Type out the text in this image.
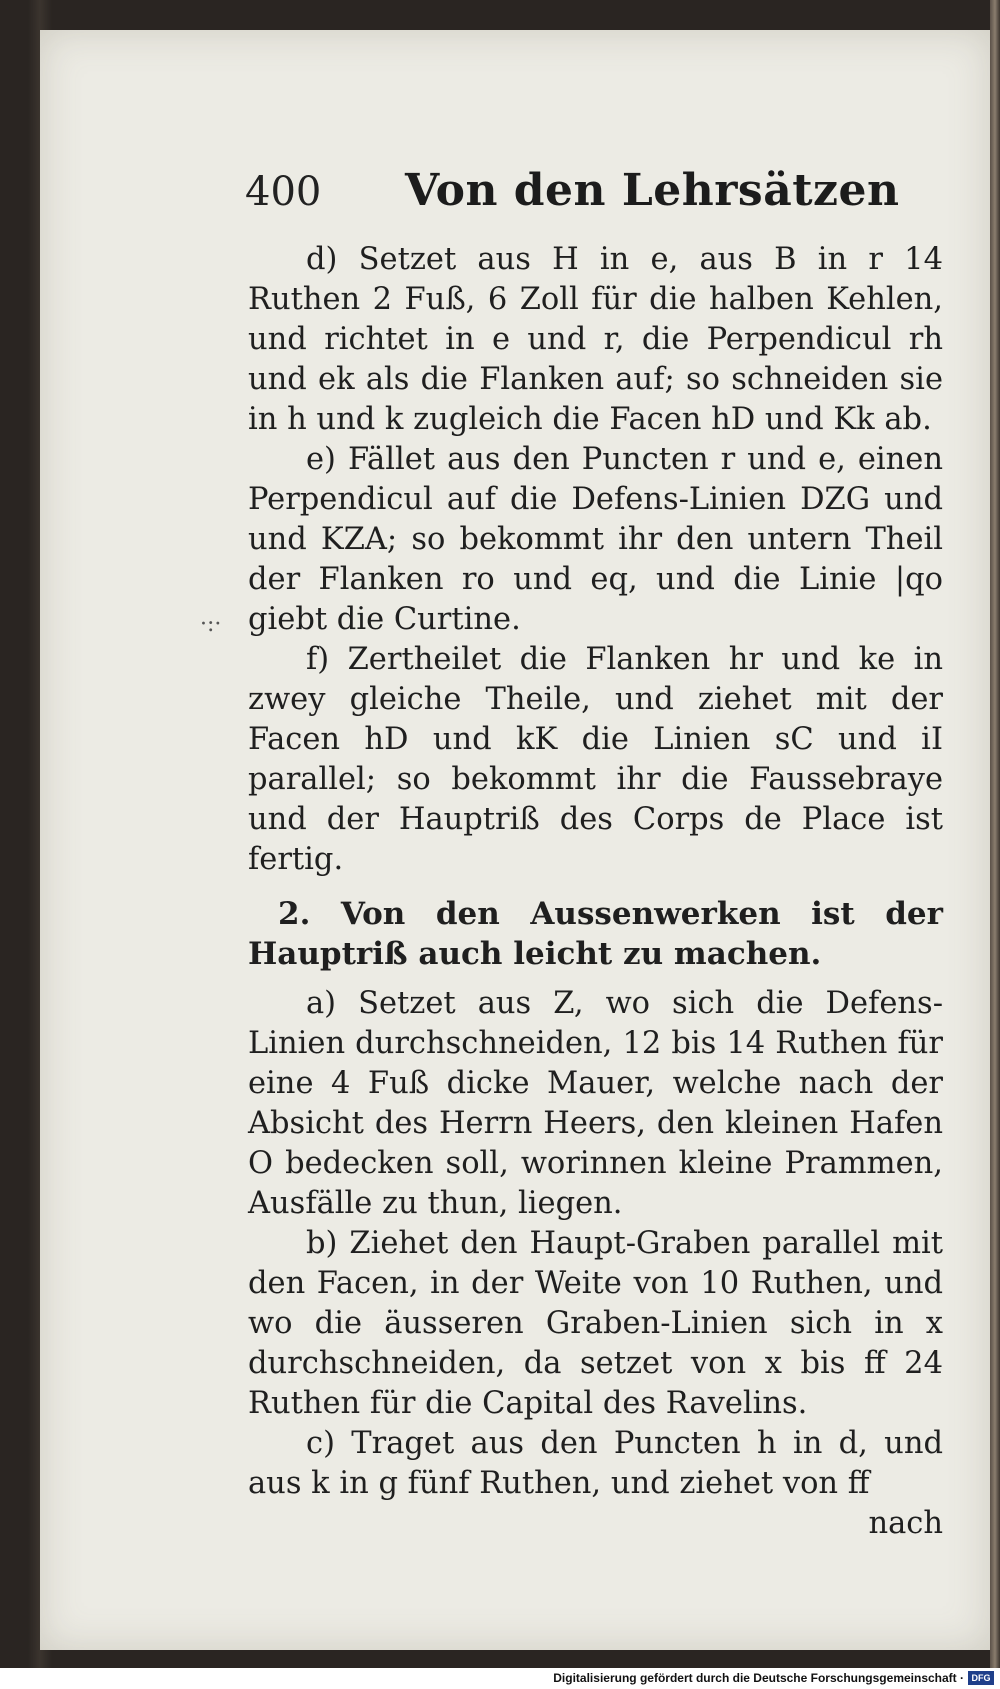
400 Von den Lehrsätzen
·:·

d) Setzet aus H in e, aus B in r 14 Ruthen 2 Fuß, 6 Zoll für die halben Kehlen, und richtet in e und r, die Perpendicul rh und ek als die Flanken auf; so schneiden sie in h und k zugleich die Facen hD und Kk ab.

e) Fället aus den Puncten r und e, einen Perpendicul auf die Defens-Linien DZG und und KZA; so bekommt ihr den untern Theil der Flanken ro und eq, und die Linie |qo giebt die Curtine.

f) Zertheilet die Flanken hr und ke in zwey gleiche Theile, und ziehet mit der Facen hD und kK die Linien sC und iI parallel; so bekommt ihr die Faussebraye und der Hauptriß des Corps de Place ist fertig.

2. Von den Aussenwerken ist der Hauptriß auch leicht zu machen.

a) Setzet aus Z, wo sich die Defens-Linien durchschneiden, 12 bis 14 Ruthen für eine 4 Fuß dicke Mauer, welche nach der Absicht des Herrn Heers, den kleinen Hafen O bedecken soll, worinnen kleine Prammen, Ausfälle zu thun, liegen.

b) Ziehet den Haupt-Graben parallel mit den Facen, in der Weite von 10 Ruthen, und wo die äusseren Graben-Linien sich in x durchschneiden, da setzet von x bis ff 24 Ruthen für die Capital des Ravelins.

c) Traget aus den Puncten h in d, und aus k in g fünf Ruthen, und ziehet von ff

nach

Digitalisierung gefördert durch die Deutsche Forschungsgemeinschaft · DFG
